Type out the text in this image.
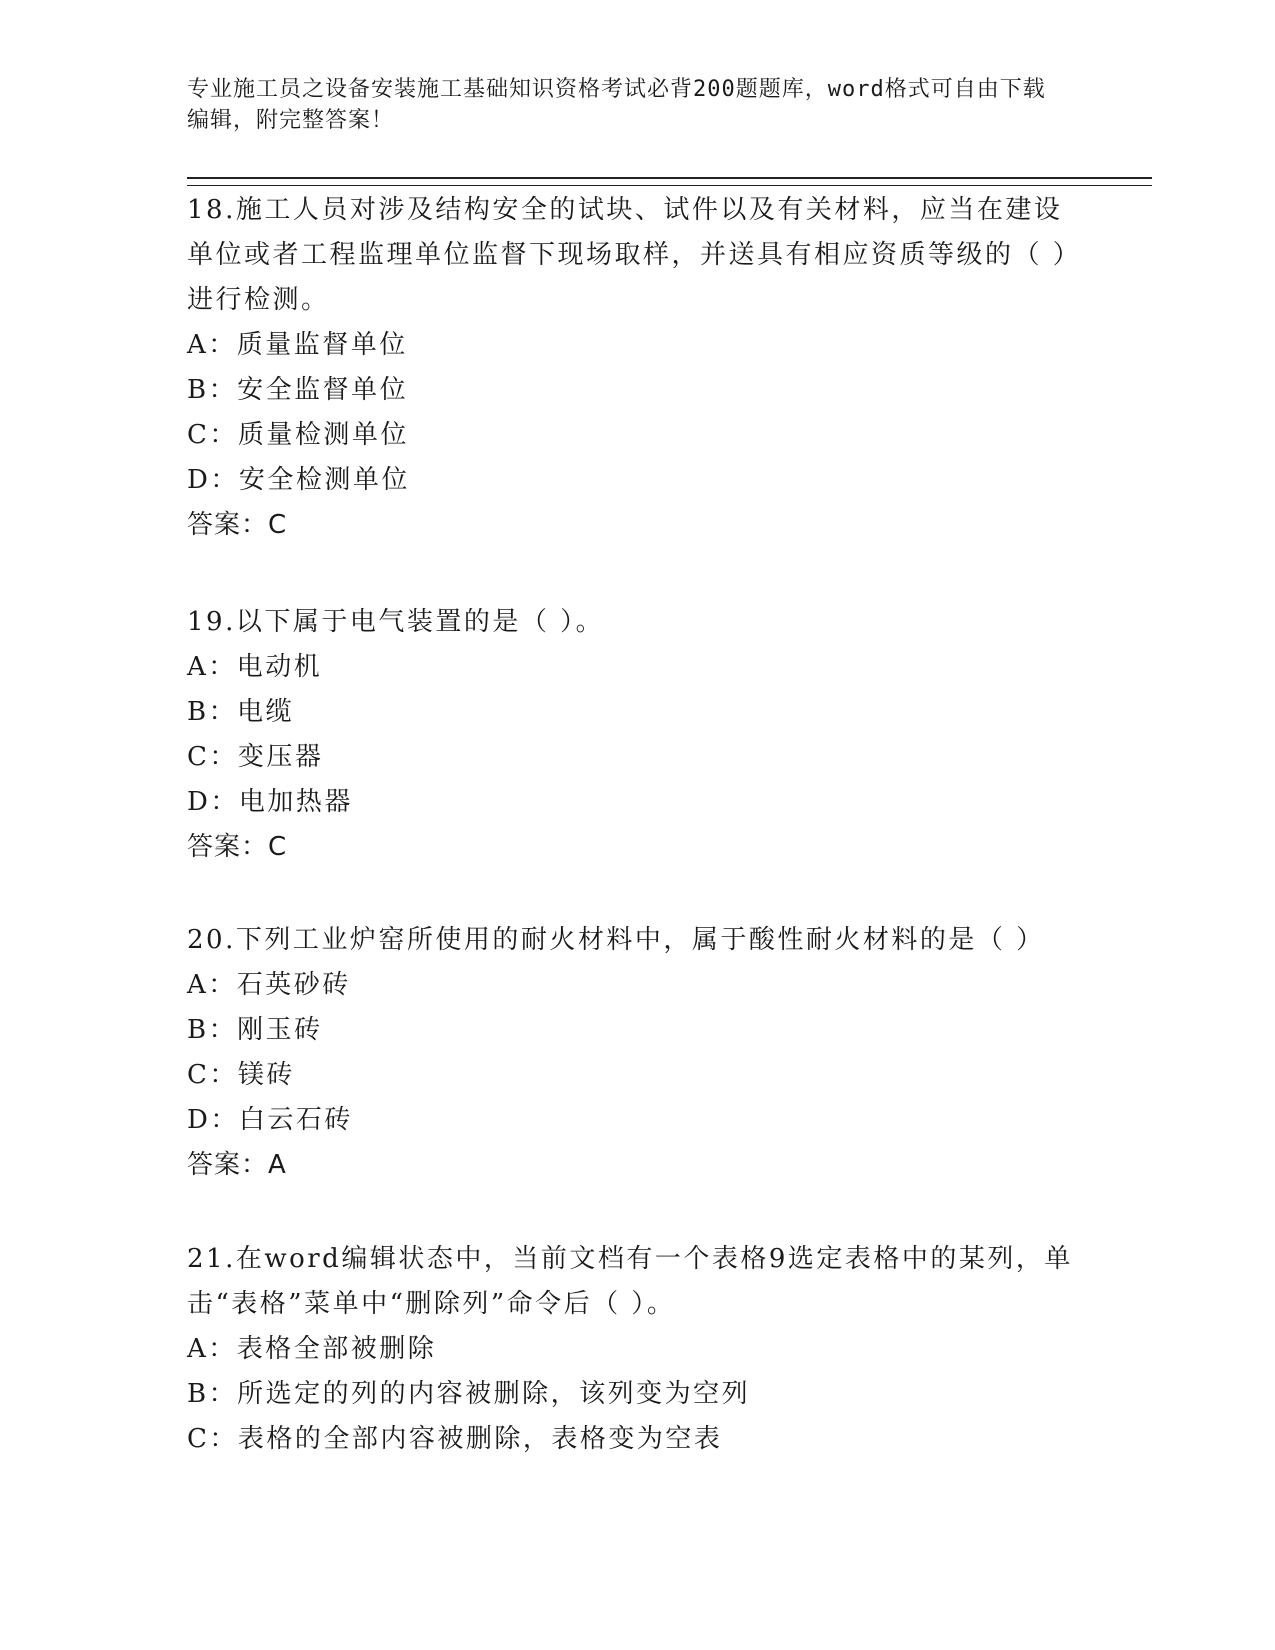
专业施工员之设备安装施工基础知识资格考试必背200题题库，word格式可自由下载编辑，附完整答案！
18.施工人员对涉及结构安全的试块、试件以及有关材料，应当在建设单位或者工程监理单位监督下现场取样，并送具有相应资质等级的（ ）进行检测。
A：质量监督单位
B：安全监督单位
C：质量检测单位
D：安全检测单位
答案：C
19.以下属于电气装置的是（ ）。
A：电动机
B：电缆
C：变压器
D：电加热器
答案：C
20.下列工业炉窑所使用的耐火材料中，属于酸性耐火材料的是（ ）
A：石英砂砖
B：刚玉砖
C：镁砖
D：白云石砖
答案：A
21.在word编辑状态中，当前文档有一个表格9选定表格中的某列，单击“表格”菜单中“删除列”命令后（ ）。
A：表格全部被删除
B：所选定的列的内容被删除，该列变为空列
C：表格的全部内容被删除，表格变为空表
